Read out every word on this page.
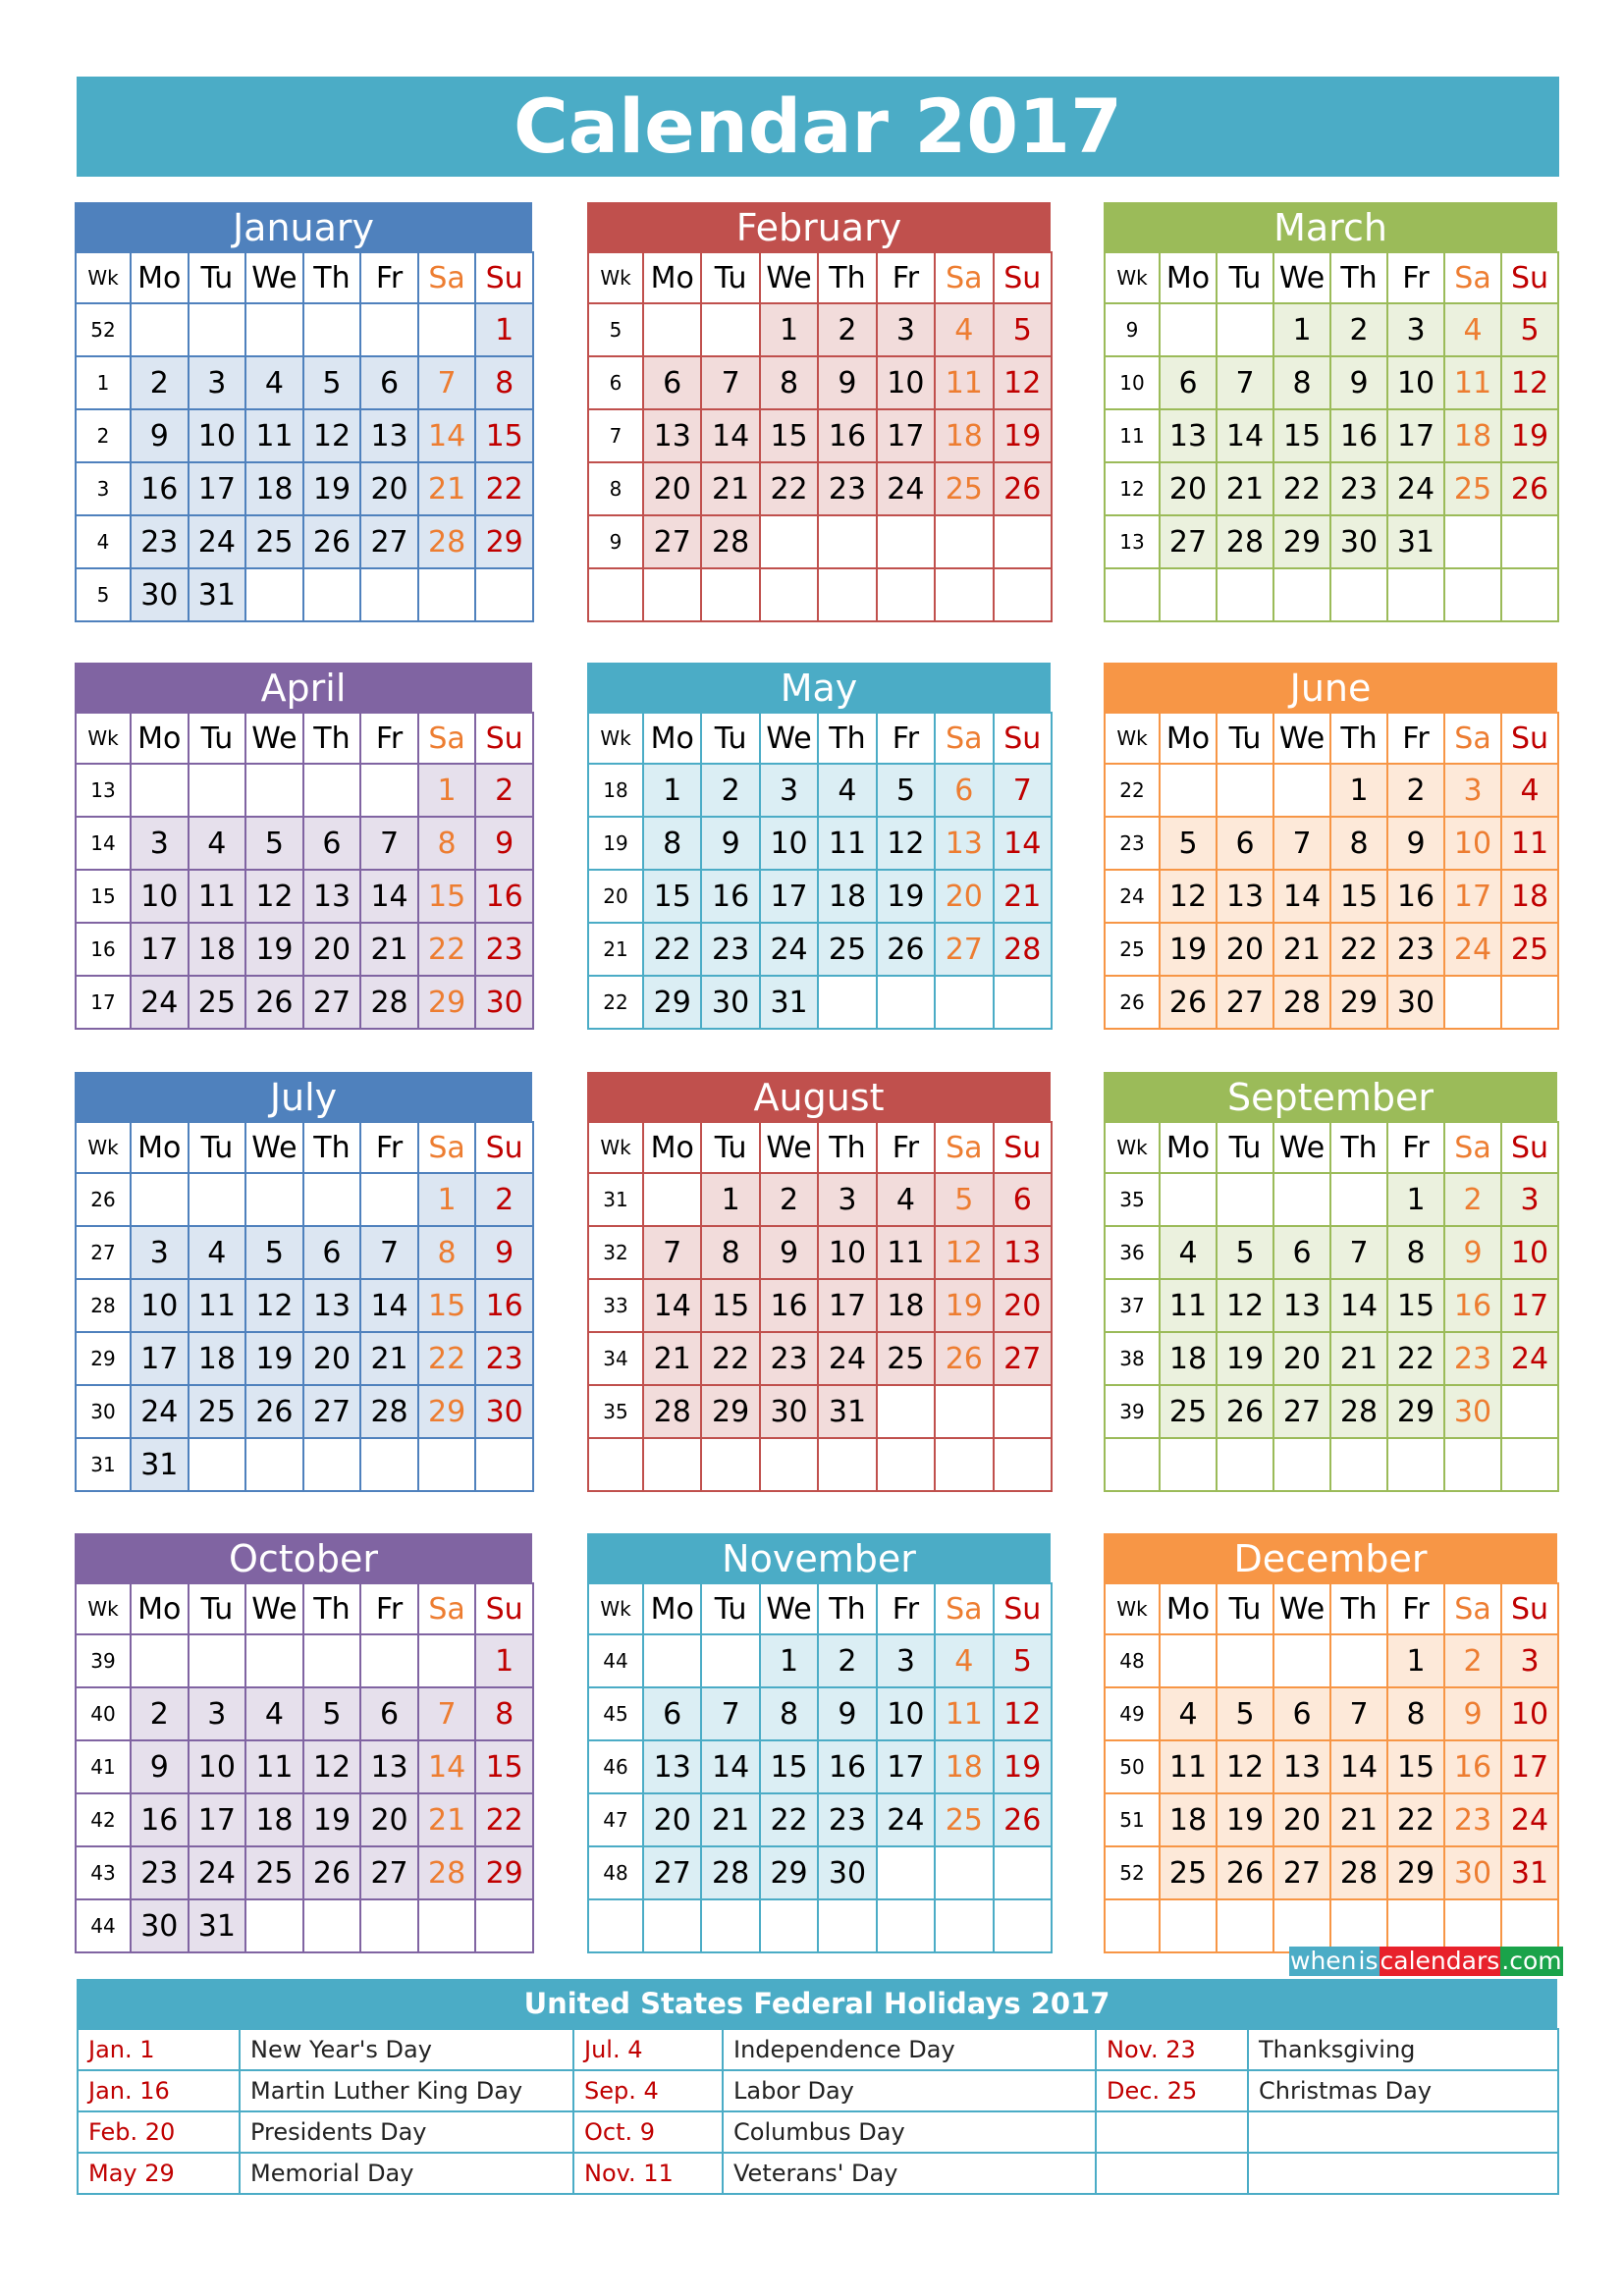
Calendar 2017
January
Wk	Mo	Tu	We	Th	Fr	Sa	Su
52							1
1	2	3	4	5	6	7	8
2	9	10	11	12	13	14	15
3	16	17	18	19	20	21	22
4	23	24	25	26	27	28	29
5	30	31					
February
Wk	Mo	Tu	We	Th	Fr	Sa	Su
5			1	2	3	4	5
6	6	7	8	9	10	11	12
7	13	14	15	16	17	18	19
8	20	21	22	23	24	25	26
9	27	28					

March
Wk	Mo	Tu	We	Th	Fr	Sa	Su
9			1	2	3	4	5
10	6	7	8	9	10	11	12
11	13	14	15	16	17	18	19
12	20	21	22	23	24	25	26
13	27	28	29	30	31		

April
Wk	Mo	Tu	We	Th	Fr	Sa	Su
13						1	2
14	3	4	5	6	7	8	9
15	10	11	12	13	14	15	16
16	17	18	19	20	21	22	23
17	24	25	26	27	28	29	30
May
Wk	Mo	Tu	We	Th	Fr	Sa	Su
18	1	2	3	4	5	6	7
19	8	9	10	11	12	13	14
20	15	16	17	18	19	20	21
21	22	23	24	25	26	27	28
22	29	30	31				
June
Wk	Mo	Tu	We	Th	Fr	Sa	Su
22				1	2	3	4
23	5	6	7	8	9	10	11
24	12	13	14	15	16	17	18
25	19	20	21	22	23	24	25
26	26	27	28	29	30		
July
Wk	Mo	Tu	We	Th	Fr	Sa	Su
26						1	2
27	3	4	5	6	7	8	9
28	10	11	12	13	14	15	16
29	17	18	19	20	21	22	23
30	24	25	26	27	28	29	30
31	31						
August
Wk	Mo	Tu	We	Th	Fr	Sa	Su
31		1	2	3	4	5	6
32	7	8	9	10	11	12	13
33	14	15	16	17	18	19	20
34	21	22	23	24	25	26	27
35	28	29	30	31			

September
Wk	Mo	Tu	We	Th	Fr	Sa	Su
35					1	2	3
36	4	5	6	7	8	9	10
37	11	12	13	14	15	16	17
38	18	19	20	21	22	23	24
39	25	26	27	28	29	30	

October
Wk	Mo	Tu	We	Th	Fr	Sa	Su
39							1
40	2	3	4	5	6	7	8
41	9	10	11	12	13	14	15
42	16	17	18	19	20	21	22
43	23	24	25	26	27	28	29
44	30	31					
November
Wk	Mo	Tu	We	Th	Fr	Sa	Su
44			1	2	3	4	5
45	6	7	8	9	10	11	12
46	13	14	15	16	17	18	19
47	20	21	22	23	24	25	26
48	27	28	29	30			

December
Wk	Mo	Tu	We	Th	Fr	Sa	Su
48					1	2	3
49	4	5	6	7	8	9	10
50	11	12	13	14	15	16	17
51	18	19	20	21	22	23	24
52	25	26	27	28	29	30	31

when is calendars .com
United States Federal Holidays 2017
Jan. 1	New Year's Day	Jul. 4	Independence Day	Nov. 23	Thanksgiving
Jan. 16	Martin Luther King Day	Sep. 4	Labor Day	Dec. 25	Christmas Day
Feb. 20	Presidents Day	Oct. 9	Columbus Day		
May 29	Memorial Day	Nov. 11	Veterans' Day		
